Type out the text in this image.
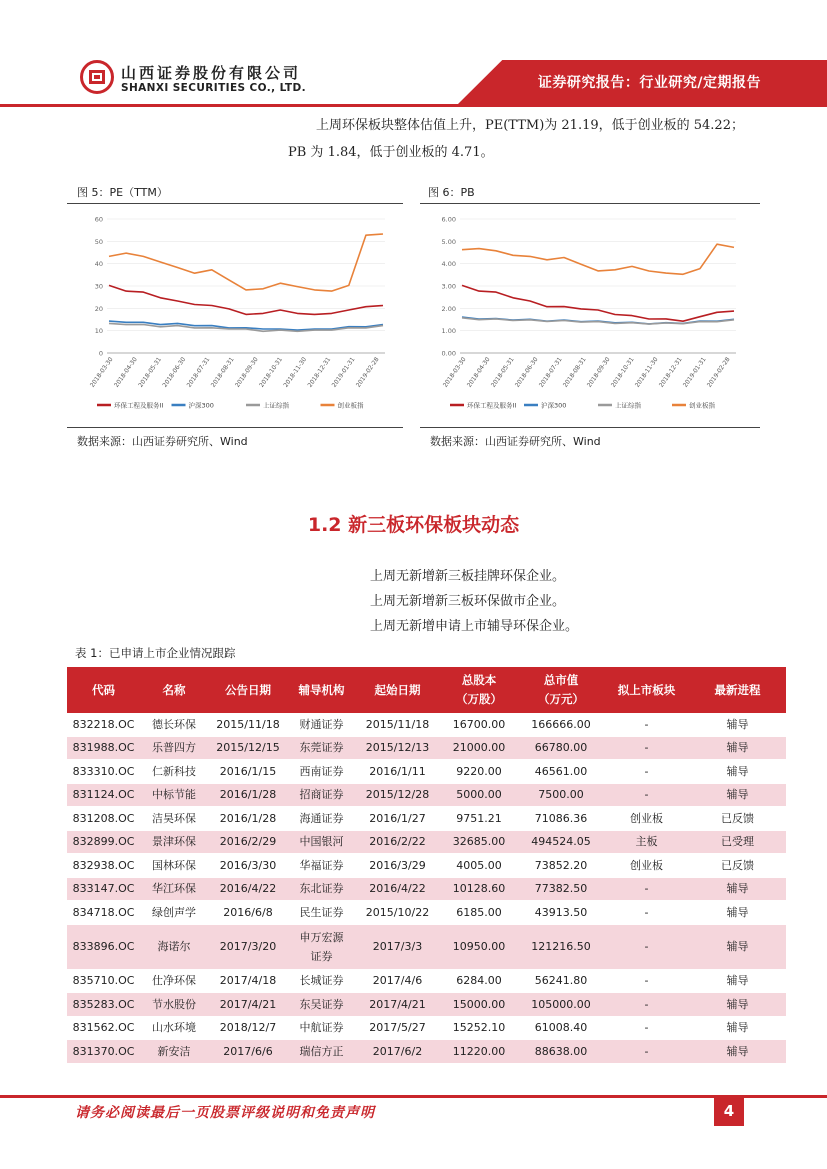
证券研究报告：行业研究/定期报告
山西证券股份有限公司
SHANXI SECURITIES CO., LTD.
上周环保板块整体估值上升，PE(TTM)为 21.19，低于创业板的 54.22；
PB 为 1.84，低于创业板的 4.71。
图 5：PE（TTM）
0
10
20
30
40
50
60
2018-03-30
2018-04-30
2018-05-31
2018-06-30
2018-07-31
2018-08-31
2018-09-30
2018-10-31
2018-11-30
2018-12-31
2019-01-31
2019-02-28
环保工程及服务II	沪深300	上证综指	创业板指
数据来源：山西证券研究所、Wind
图 6：PB
0.00
1.00
2.00
3.00
4.00
5.00
6.00
2018-03-30
2018-04-30
2018-05-31
2018-06-30
2018-07-31
2018-08-31
2018-09-30
2018-10-31
2018-11-30
2018-12-31
2019-01-31
2019-02-28
环保工程及服务II	沪深300	上证综指	创业板指
数据来源：山西证券研究所、Wind
1.2 新三板环保板块动态
上周无新增新三板挂牌环保企业。
上周无新增新三板环保做市企业。
上周无新增申请上市辅导环保企业。
表 1：已申请上市企业情况跟踪
代码	名称	公告日期	辅导机构	起始日期	总股本（万股）	总市值（万元）	拟上市板块	最新进程
832218.OC	德长环保	2015/11/18	财通证券	2015/11/18	16700.00	166666.00	-	辅导
831988.OC	乐普四方	2015/12/15	东莞证券	2015/12/13	21000.00	66780.00	-	辅导
833310.OC	仁新科技	2016/1/15	西南证券	2016/1/11	9220.00	46561.00	-	辅导
831124.OC	中标节能	2016/1/28	招商证券	2015/12/28	5000.00	7500.00	-	辅导
831208.OC	洁昊环保	2016/1/28	海通证券	2016/1/27	9751.21	71086.36	创业板	已反馈
832899.OC	景津环保	2016/2/29	中国银河	2016/2/22	32685.00	494524.05	主板	已受理
832938.OC	国林环保	2016/3/30	华福证券	2016/3/29	4005.00	73852.20	创业板	已反馈
833147.OC	华江环保	2016/4/22	东北证券	2016/4/22	10128.60	77382.50	-	辅导
834718.OC	绿创声学	2016/6/8	民生证券	2015/10/22	6185.00	43913.50	-	辅导
833896.OC	海诺尔	2017/3/20	申万宏源证券	2017/3/3	10950.00	121216.50	-	辅导
835710.OC	仕净环保	2017/4/18	长城证券	2017/4/6	6284.00	56241.80	-	辅导
835283.OC	节水股份	2017/4/21	东吴证券	2017/4/21	15000.00	105000.00	-	辅导
831562.OC	山水环境	2018/12/7	中航证券	2017/5/27	15252.10	61008.40	-	辅导
831370.OC	新安洁	2017/6/6	瑞信方正	2017/6/2	11220.00	88638.00	-	辅导
请务必阅读最后一页股票评级说明和免责声明	4
